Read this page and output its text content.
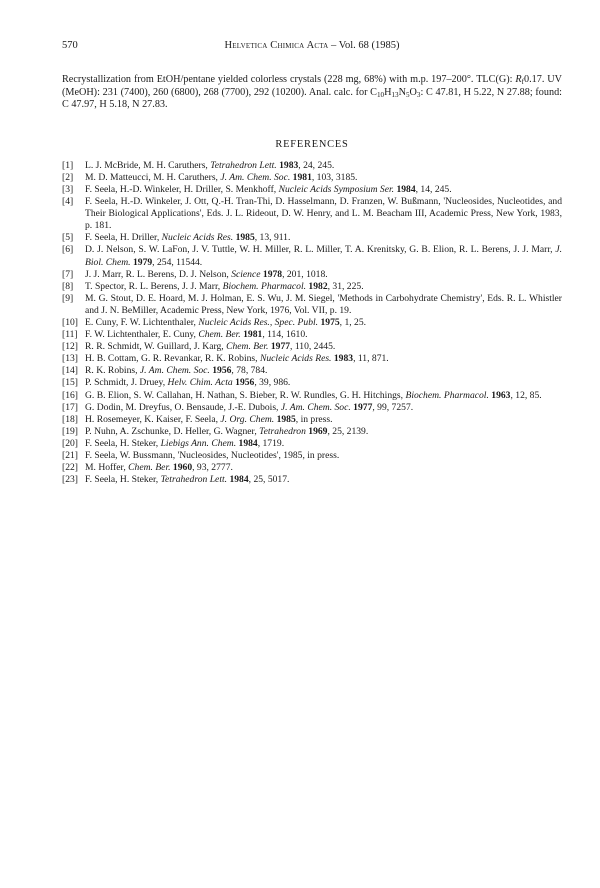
570	Helvetica Chimica Acta – Vol. 68 (1985)
Recrystallization from EtOH/pentane yielded colorless crystals (228 mg, 68%) with m.p. 197–200°. TLC(G): $R_f0.17$. UV (MeOH): 231 (7400), 260 (6800), 268 (7700), 292 (10200). Anal. calc. for $C_{10}H_{13}N_5O_3$: C 47.81, H 5.22, N 27.88; found: C 47.97, H 5.18, N 27.83.
REFERENCES
[1] L. J. McBride, M. H. Caruthers, Tetrahedron Lett. 1983, 24, 245.
[2] M. D. Matteucci, M. H. Caruthers, J. Am. Chem. Soc. 1981, 103, 3185.
[3] F. Seela, H.-D. Winkeler, H. Driller, S. Menkhoff, Nucleic Acids Symposium Ser. 1984, 14, 245.
[4] F. Seela, H.-D. Winkeler, J. Ott, Q.-H. Tran-Thi, D. Hasselmann, D. Franzen, W. Bußmann, 'Nucleosides, Nucleotides, and Their Biological Applications', Eds. J. L. Rideout, D. W. Henry, and L. M. Beacham III, Academic Press, New York, 1983, p. 181.
[5] F. Seela, H. Driller, Nucleic Acids Res. 1985, 13, 911.
[6] D. J. Nelson, S. W. LaFon, J. V. Tuttle, W. H. Miller, R. L. Miller, T. A. Krenitsky, G. B. Elion, R. L. Berens, J. J. Marr, J. Biol. Chem. 1979, 254, 11544.
[7] J. J. Marr, R. L. Berens, D. J. Nelson, Science 1978, 201, 1018.
[8] T. Spector, R. L. Berens, J. J. Marr, Biochem. Pharmacol. 1982, 31, 225.
[9] M. G. Stout, D. E. Hoard, M. J. Holman, E. S. Wu, J. M. Siegel, 'Methods in Carbohydrate Chemistry', Eds. R. L. Whistler and J. N. BeMiller, Academic Press, New York, 1976, Vol. VII, p. 19.
[10] E. Cuny, F. W. Lichtenthaler, Nucleic Acids Res., Spec. Publ. 1975, 1, 25.
[11] F. W. Lichtenthaler, E. Cuny, Chem. Ber. 1981, 114, 1610.
[12] R. R. Schmidt, W. Guillard, J. Karg, Chem. Ber. 1977, 110, 2445.
[13] H. B. Cottam, G. R. Revankar, R. K. Robins, Nucleic Acids Res. 1983, 11, 871.
[14] R. K. Robins, J. Am. Chem. Soc. 1956, 78, 784.
[15] P. Schmidt, J. Druey, Helv. Chim. Acta 1956, 39, 986.
[16] G. B. Elion, S. W. Callahan, H. Nathan, S. Bieber, R. W. Rundles, G. H. Hitchings, Biochem. Pharmacol. 1963, 12, 85.
[17] G. Dodin, M. Dreyfus, O. Bensaude, J.-E. Dubois, J. Am. Chem. Soc. 1977, 99, 7257.
[18] H. Rosemeyer, K. Kaiser, F. Seela, J. Org. Chem. 1985, in press.
[19] P. Nuhn, A. Zschunke, D. Heller, G. Wagner, Tetrahedron 1969, 25, 2139.
[20] F. Seela, H. Steker, Liebigs Ann. Chem. 1984, 1719.
[21] F. Seela, W. Bussmann, 'Nucleosides, Nucleotides', 1985, in press.
[22] M. Hoffer, Chem. Ber. 1960, 93, 2777.
[23] F. Seela, H. Steker, Tetrahedron Lett. 1984, 25, 5017.
